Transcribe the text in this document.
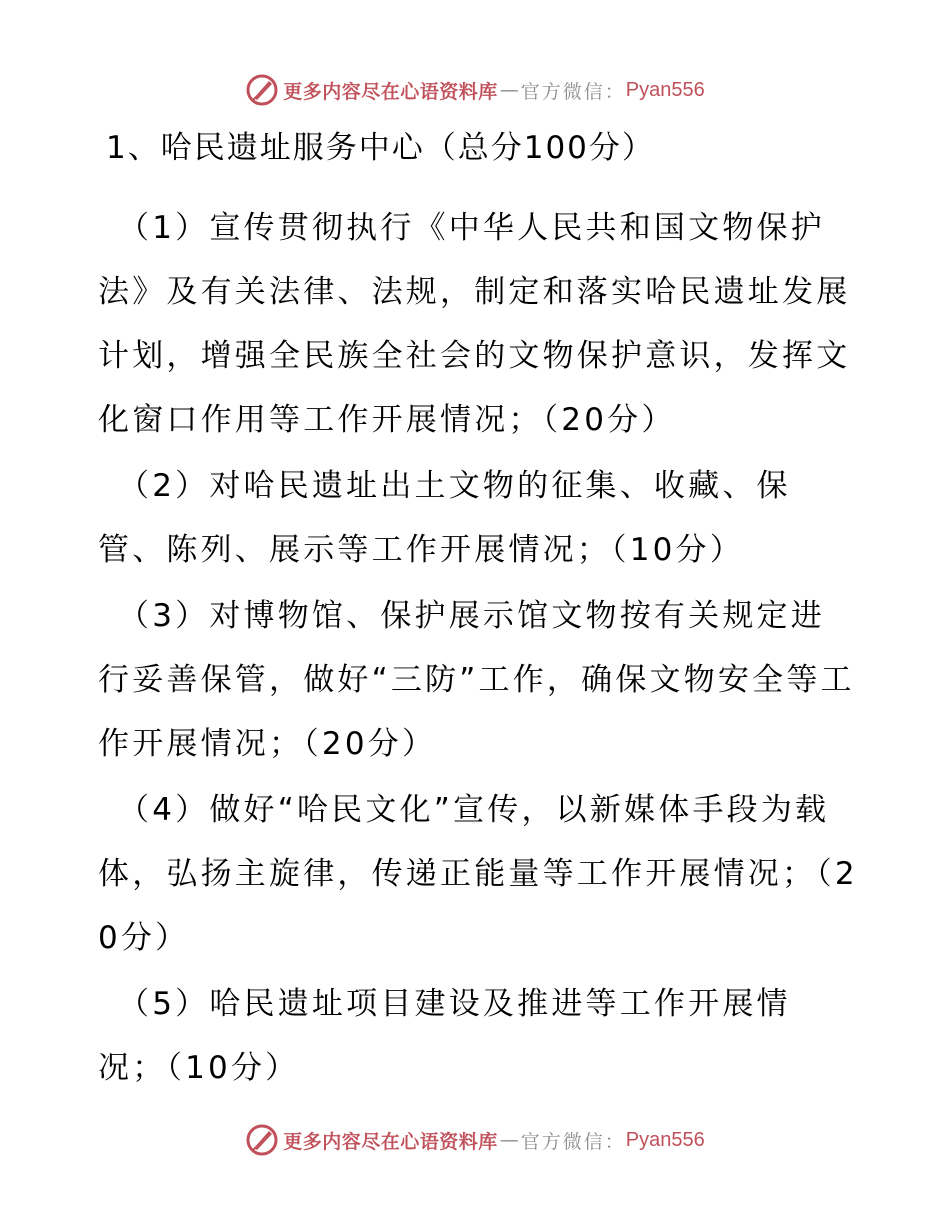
更多内容尽在心语资料库 — 官方微信： Pyan556

1、哈民遗址服务中心（总分100分）

（1）宣传贯彻执行《中华人民共和国文物保护法》及有关法律、法规，制定和落实哈民遗址发展计划，增强全民族全社会的文物保护意识，发挥文化窗口作用等工作开展情况；（20分）

（2）对哈民遗址出土文物的征集、收藏、保管、陈列、展示等工作开展情况；（10分）

（3）对博物馆、保护展示馆文物按有关规定进行妥善保管，做好“三防”工作，确保文物安全等工作开展情况；（20分）

（4）做好“哈民文化”宣传，以新媒体手段为载体，弘扬主旋律，传递正能量等工作开展情况；（20分）

（5）哈民遗址项目建设及推进等工作开展情况；（10分）

更多内容尽在心语资料库 — 官方微信： Pyan556
